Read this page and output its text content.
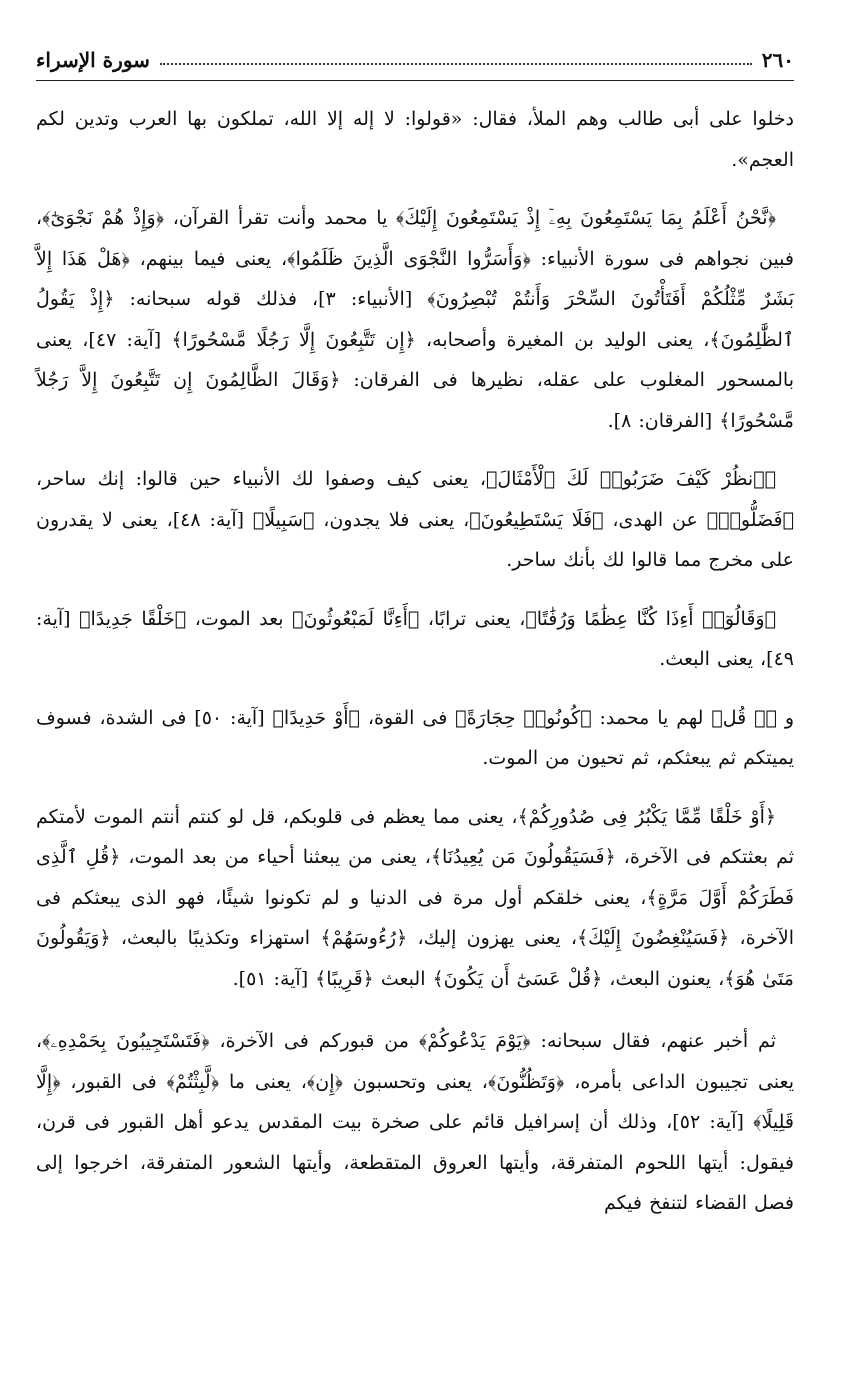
٢٦٠
سورة الإسراء

دخلوا على أبى طالب وهم الملأ، فقال: «قولوا: لا إله إلا الله، تملكون بها العرب وتدين لكم العجم».

﴿نَّحْنُ أَعْلَمُ بِمَا يَسْتَمِعُونَ بِهِۦٓ إِذْ يَسْتَمِعُونَ إِلَيْكَ﴾ يا محمد وأنت تقرأ القرآن، ﴿وَإِذْ هُمْ نَجْوَىٰٓ﴾، فبين نجواهم فى سورة الأنبياء: ﴿وَأَسَرُّوا النَّجْوَى الَّذِينَ ظَلَمُوا﴾، يعنى فيما بينهم، ﴿هَلْ هَذَا إِلاَّ بَشَرٌ مِّثْلُكُمْ أَفَتَأْتُونَ السِّحْرَ وَأَنتُمْ تُبْصِرُونَ﴾ [الأنبياء: ٣]، فذلك قوله سبحانه: ﴿إِذْ يَقُولُ ٱلظَّٰلِمُونَ﴾، يعنى الوليد بن المغيرة وأصحابه، ﴿إِن تَتَّبِعُونَ إِلَّا رَجُلًا مَّسْحُورًا﴾ [آية: ٤٧]، يعنى بالمسحور المغلوب على عقله، نظيرها فى الفرقان: ﴿وَقَالَ الظَّالِمُونَ إِن تَتَّبِعُونَ إِلاَّ رَجُلاً مَّسْحُورًا﴾ [الفرقان: ٨].

﴿ٱنظُرْ كَيْفَ ضَرَبُوا۟ لَكَ ٱلْأَمْثَالَ﴾، يعنى كيف وصفوا لك الأنبياء حين قالوا: إنك ساحر، ﴿فَضَلُّوا۟﴾ عن الهدى، ﴿فَلَا يَسْتَطِيعُونَ﴾، يعنى فلا يجدون، ﴿سَبِيلًا﴾ [آية: ٤٨]، يعنى لا يقدرون على مخرج مما قالوا لك بأنك ساحر.

﴿وَقَالُوٓا۟ أَءِذَا كُنَّا عِظَٰمًا وَرُفَٰتًا﴾، يعنى ترابًا، ﴿أَءِنَّا لَمَبْعُوثُونَ﴾ بعد الموت، ﴿خَلْقًا جَدِيدًا﴾ [آية: ٤٩]، يعنى البعث.

و ﴿۞ قُل﴾ لهم يا محمد: ﴿كُونُوا۟ حِجَارَةً﴾ فى القوة، ﴿أَوْ حَدِيدًا﴾ [آية: ٥٠] فى الشدة، فسوف يميتكم ثم يبعثكم، ثم تحيون من الموت.

﴿أَوْ خَلْقًا مِّمَّا يَكْبُرُ فِى صُدُورِكُمْ﴾، يعنى مما يعظم فى قلوبكم، قل لو كنتم أنتم الموت لأمتكم ثم بعثتكم فى الآخرة، ﴿فَسَيَقُولُونَ مَن يُعِيدُنَا﴾، يعنى من يبعثنا أحياء من بعد الموت، ﴿قُلِ ٱلَّذِى فَطَرَكُمْ أَوَّلَ مَرَّةٍ﴾، يعنى خلقكم أول مرة فى الدنيا و لم تكونوا شيئًا، فهو الذى يبعثكم فى الآخرة، ﴿فَسَيُنْغِضُونَ إِلَيْكَ﴾، يعنى يهزون إليك، ﴿رُءُوسَهُمْ﴾ استهزاء وتكذيبًا بالبعث، ﴿وَيَقُولُونَ مَتَىٰ هُوَ﴾، يعنون البعث، ﴿قُلْ عَسَىٰٓ أَن يَكُونَ﴾ البعث ﴿قَرِيبًا﴾ [آية: ٥١].

ثم أخبر عنهم، فقال سبحانه: ﴿يَوْمَ يَدْعُوكُمْ﴾ من قبوركم فى الآخرة، ﴿فَتَسْتَجِيبُونَ بِحَمْدِهِۦ﴾، يعنى تجيبون الداعى بأمره، ﴿وَتَظُنُّونَ﴾، يعنى وتحسبون ﴿إِن﴾، يعنى ما ﴿لَّبِثْتُمْ﴾ فى القبور، ﴿إِلَّا قَلِيلًا﴾ [آية: ٥٢]، وذلك أن إسرافيل قائم على صخرة بيت المقدس يدعو أهل القبور فى قرن، فيقول: أيتها اللحوم المتفرقة، وأيتها العروق المتقطعة، وأيتها الشعور المتفرقة، اخرجوا إلى فصل القضاء لتنفخ فيكم
